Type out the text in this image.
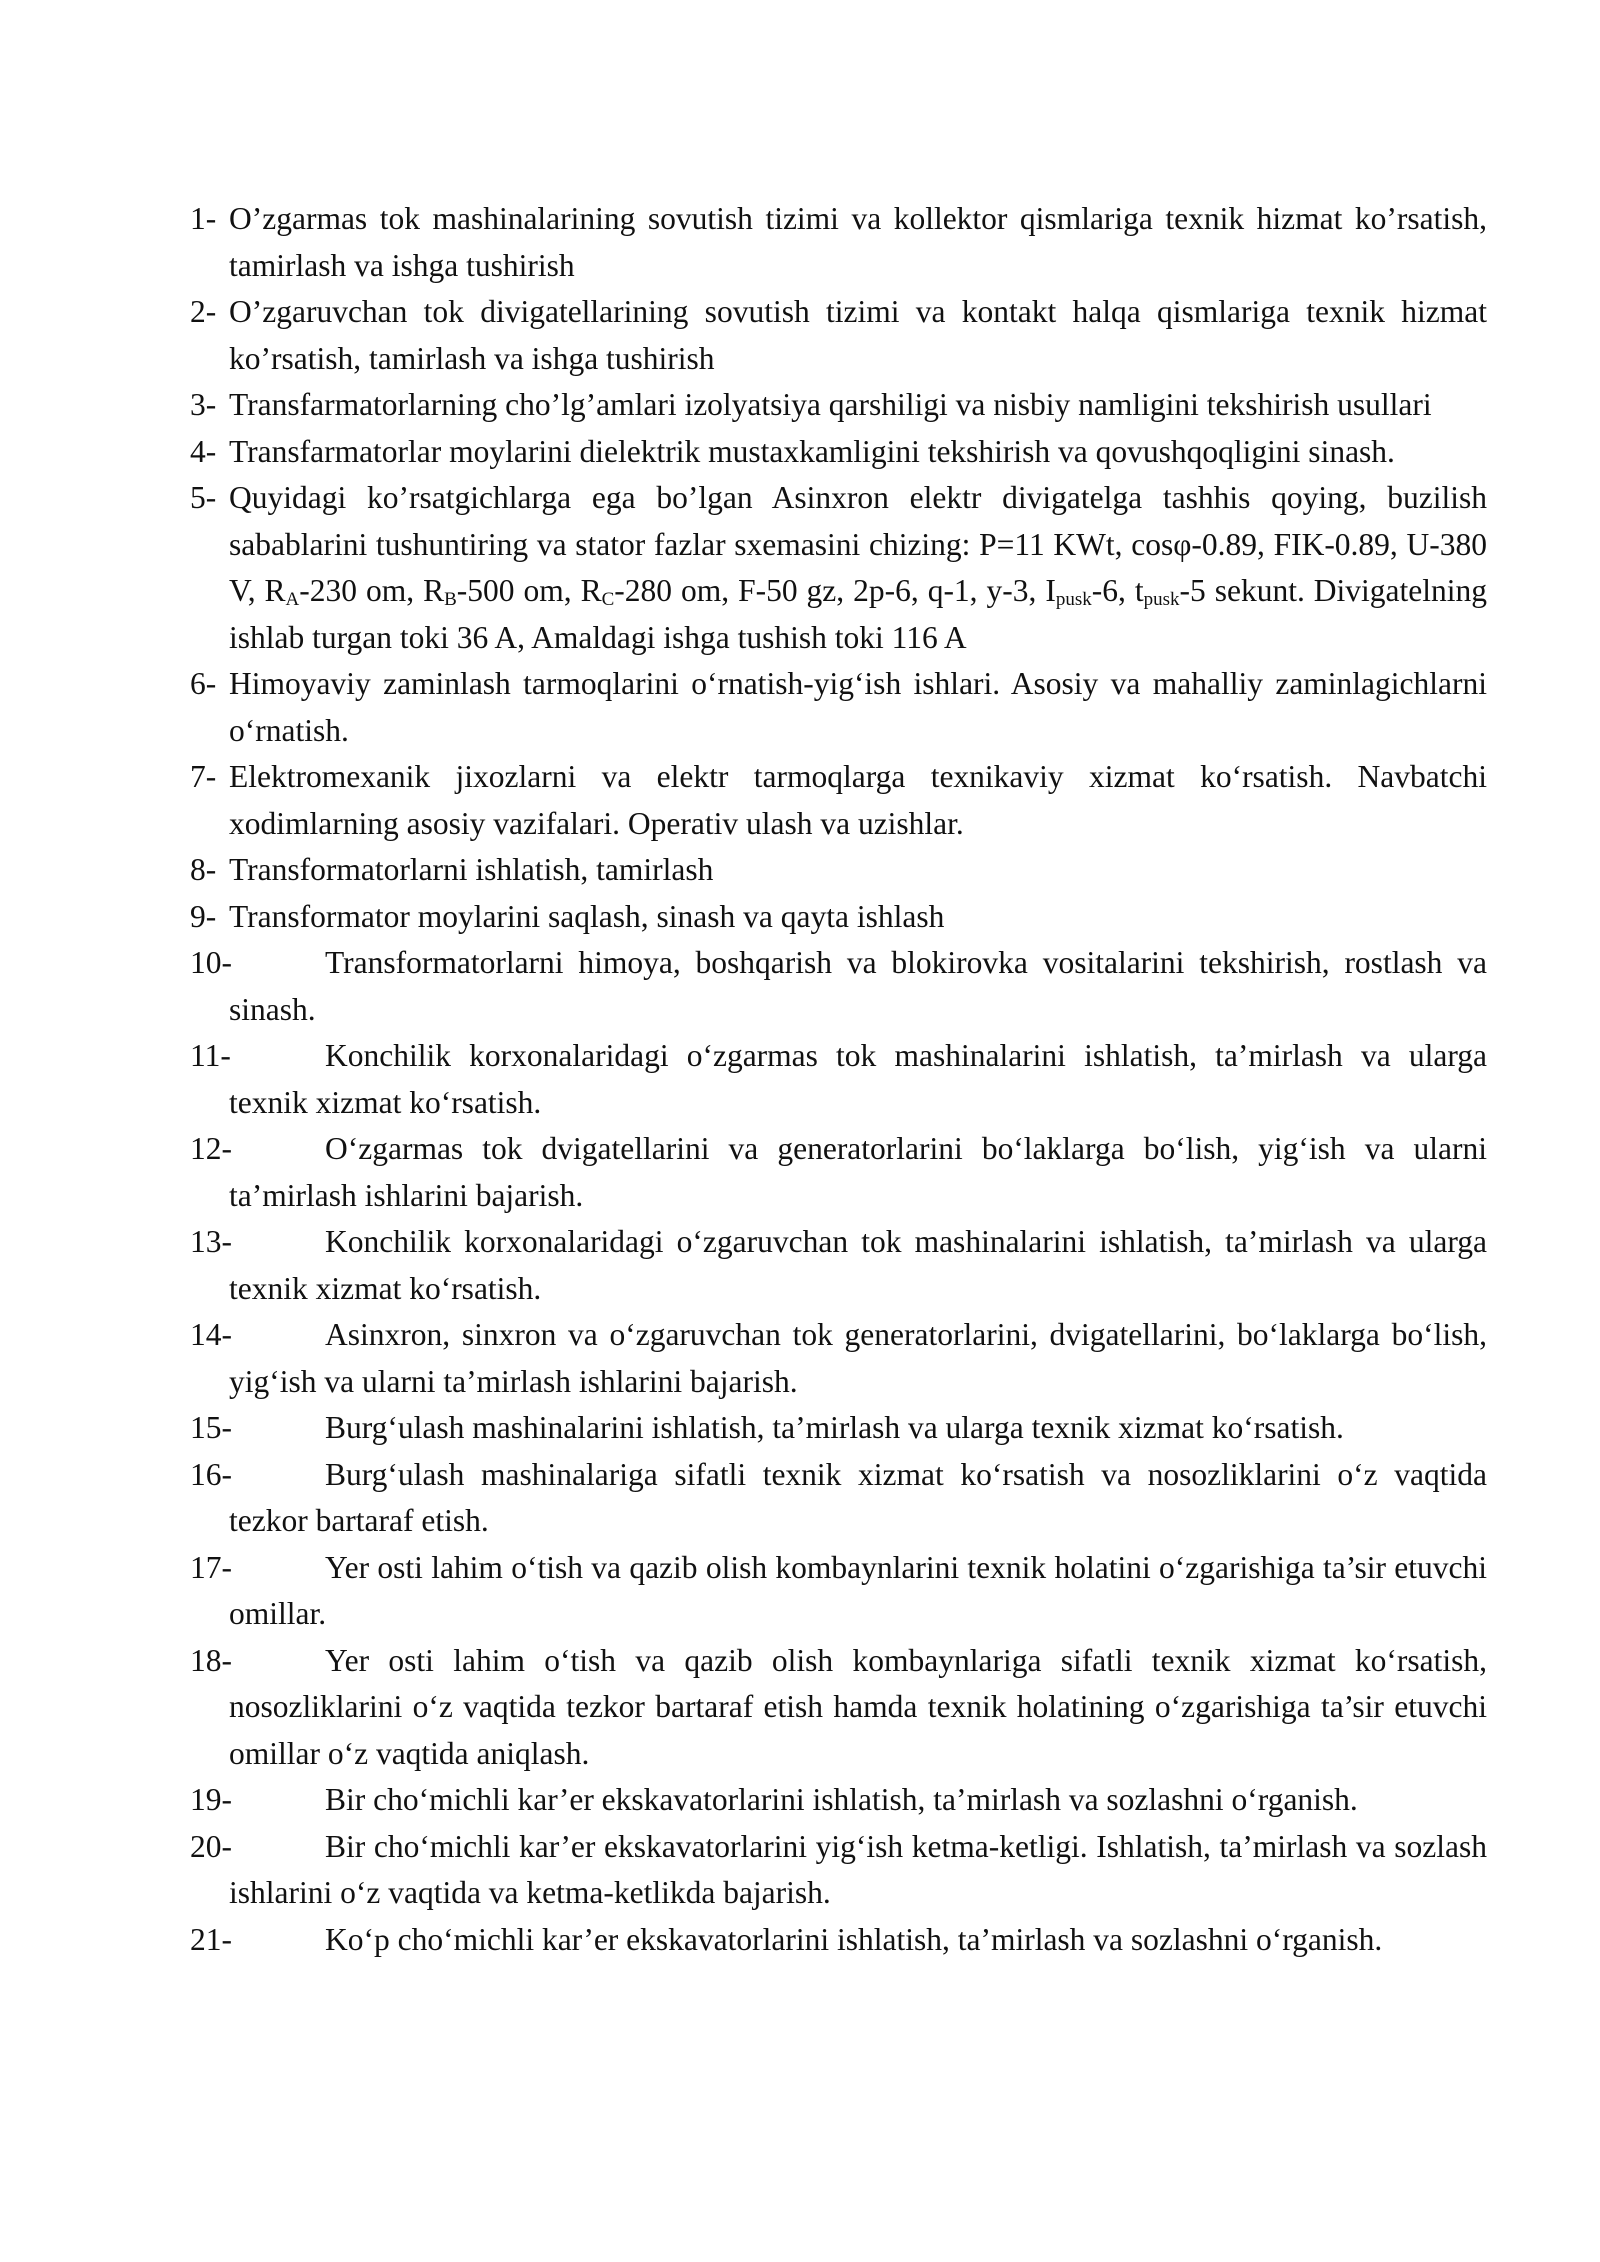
1- O’zgarmas tok mashinalarining sovutish tizimi va kollektor qismlariga texnik hizmat ko’rsatish, tamirlash va ishga tushirish
2- O’zgaruvchan tok divigatellarining sovutish tizimi va kontakt halqa qismlariga texnik hizmat ko’rsatish, tamirlash va ishga tushirish
3- Transfarmatorlarning cho’lg’amlari izolyatsiya qarshiligi va nisbiy namligini tekshirish usullari
4- Transfarmatorlar moylarini dielektrik mustaxkamligini tekshirish va qovushqoqligini sinash.
5- Quyidagi ko’rsatgichlarga ega bo’lgan Asinxron elektr divigatelga tashhis qoying, buzilish sabablarini tushuntiring va stator fazlar sxemasini chizing: P=11 KWt, cosφ-0.89, FIK-0.89, U-380 V, $R_A-230$ om, $R_B-500$ om, $R_C-280$ om, F-50 gz, 2p-6, q-1, y-3, $I_{pusk}-6$, $t_{pusk}-5$ sekunt. Divigatelning ishlab turgan toki 36 A, Amaldagi ishga tushish toki 116 A
6- Himoyaviy zaminlash tarmoqlarini o‘rnatish-yig‘ish ishlari. Asosiy va mahalliy zaminlagichlarni o‘rnatish.
7- Elektromexanik jixozlarni va elektr tarmoqlarga texnikaviy xizmat ko‘rsatish. Navbatchi xodimlarning asosiy vazifalari. Operativ ulash va uzishlar.
8- Transformatorlarni ishlatish, tamirlash
9- Transformator moylarini saqlash, sinash va qayta ishlash
10-	Transformatorlarni himoya, boshqarish va blokirovka vositalarini tekshirish, rostlash va sinash.
11-	Konchilik korxonalaridagi o‘zgarmas tok mashinalarini ishlatish, ta’mirlash va ularga texnik xizmat ko‘rsatish.
12-	O‘zgarmas tok dvigatellarini va generatorlarini bo‘laklarga bo‘lish, yig‘ish va ularni ta’mirlash ishlarini bajarish.
13-	Konchilik korxonalaridagi o‘zgaruvchan tok mashinalarini ishlatish, ta’mirlash va ularga texnik xizmat ko‘rsatish.
14-	Asinxron, sinxron va o‘zgaruvchan tok generatorlarini, dvigatellarini, bo‘laklarga bo‘lish, yig‘ish va ularni ta’mirlash ishlarini bajarish.
15-	Burg‘ulash mashinalarini ishlatish, ta’mirlash va ularga texnik xizmat ko‘rsatish.
16-	Burg‘ulash mashinalariga sifatli texnik xizmat ko‘rsatish va nosozliklarini o‘z vaqtida tezkor bartaraf etish.
17-	Yer osti lahim o‘tish va qazib olish kombaynlarini texnik holatini o‘zgarishiga ta’sir etuvchi omillar.
18-	Yer osti lahim o‘tish va qazib olish kombaynlariga sifatli texnik xizmat ko‘rsatish, nosozliklarini o‘z vaqtida tezkor bartaraf etish hamda texnik holatining o‘zgarishiga ta’sir etuvchi omillar o‘z vaqtida aniqlash.
19-	Bir cho‘michli kar’er ekskavatorlarini ishlatish, ta’mirlash va sozlashni o‘rganish.
20-	Bir cho‘michli kar’er ekskavatorlarini yig‘ish ketma-ketligi. Ishlatish, ta’mirlash va sozlash ishlarini o‘z vaqtida va ketma-ketlikda bajarish.
21-	Ko‘p cho‘michli kar’er ekskavatorlarini ishlatish, ta’mirlash va sozlashni o‘rganish.
